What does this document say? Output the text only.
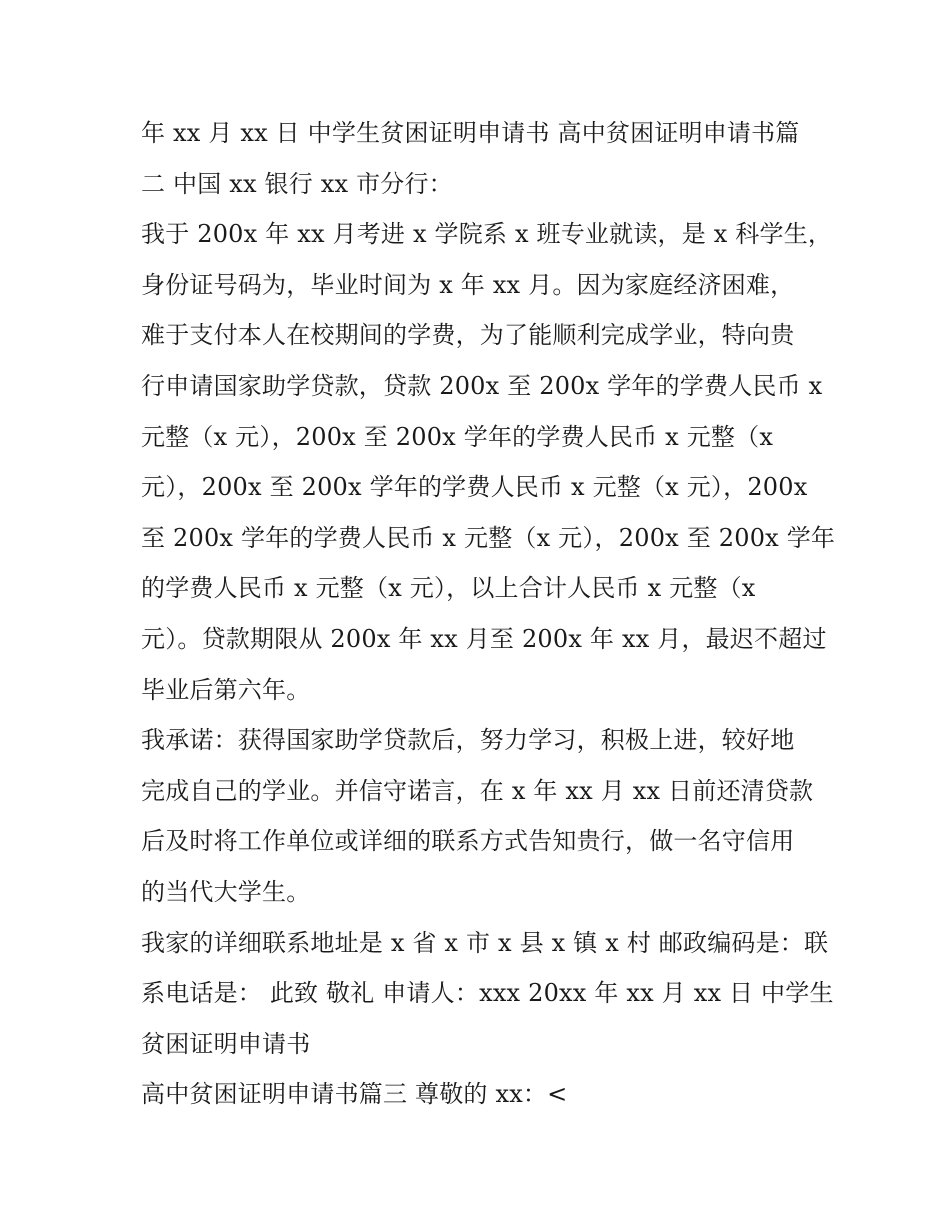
年 xx 月 xx 日 中学生贫困证明申请书 高中贫困证明申请书篇
二 中国 xx 银行 xx 市分行：
我于 200x 年 xx 月考进 x 学院系 x 班专业就读，是 x 科学生，
身份证号码为，毕业时间为 x 年 xx 月。因为家庭经济困难，
难于支付本人在校期间的学费，为了能顺利完成学业，特向贵
行申请国家助学贷款，贷款 200x 至 200x 学年的学费人民币 x
元整（x 元），200x 至 200x 学年的学费人民币 x 元整（x
元），200x 至 200x 学年的学费人民币 x 元整（x 元），200x
至 200x 学年的学费人民币 x 元整（x 元），200x 至 200x 学年
的学费人民币 x 元整（x 元），以上合计人民币 x 元整（x
元）。贷款期限从 200x 年 xx 月至 200x 年 xx 月，最迟不超过
毕业后第六年。
我承诺：获得国家助学贷款后，努力学习，积极上进，较好地
完成自己的学业。并信守诺言，在 x 年 xx 月 xx 日前还清贷款
后及时将工作单位或详细的联系方式告知贵行，做一名守信用
的当代大学生。
我家的详细联系地址是 x 省 x 市 x 县 x 镇 x 村 邮政编码是：联
系电话是： 此致 敬礼 申请人：xxx 20xx 年 xx 月 xx 日 中学生
贫困证明申请书
高中贫困证明申请书篇三 尊敬的 xx：<
